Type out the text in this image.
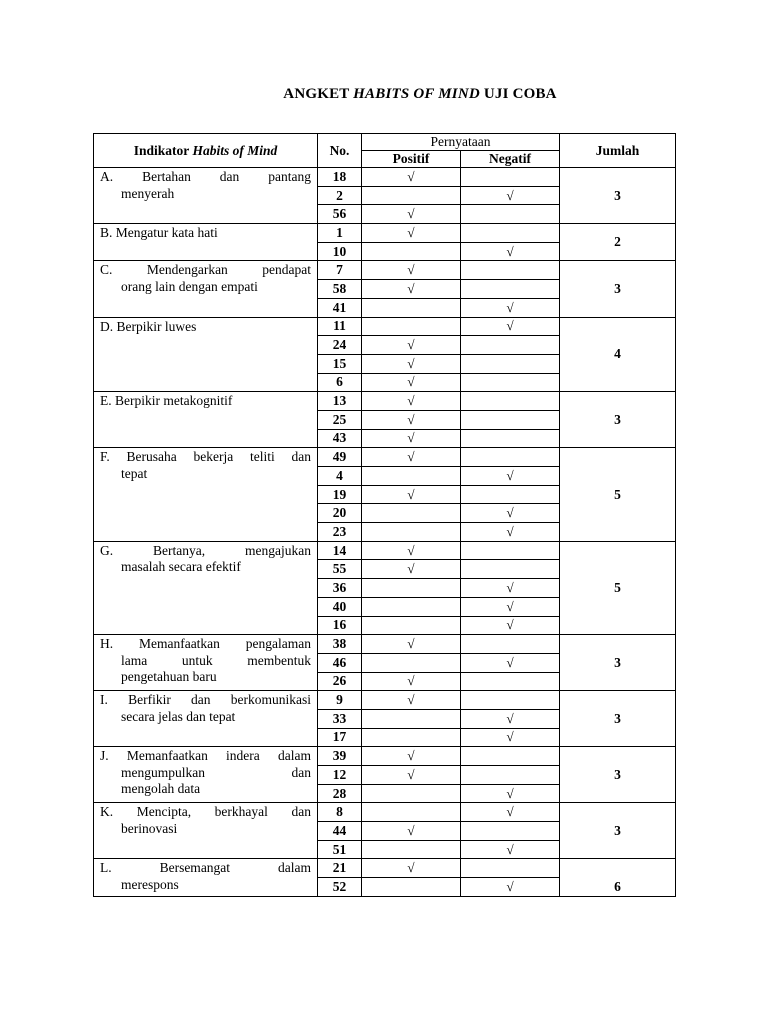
ANGKET HABITS OF MIND UJI COBA
Indikator Habits of Mind	No.	Pernyataan		Jumlah
		Positif	Negatif	

A. Bertahan dan pantang
menyerah	18	√		3
	2		√	
	56	√		

B. Mengatur kata hati	1	√		2
	10		√	

C. Mendengarkan pendapat
orang lain dengan empati	7	√		3
	58	√		
	41		√	

D. Berpikir luwes	11		√	4
	24	√		
	15	√		
	6	√		

E. Berpikir metakognitif	13	√		3
	25	√		
	43	√		

F. Berusaha bekerja teliti dan
tepat	49	√		5
	4		√	
	19	√		
	20		√	
	23		√	

G. Bertanya, mengajukan
masalah secara efektif	14	√		5
	55	√		
	36		√	
	40		√	
	16		√	

H. Memanfaatkan pengalaman
lama untuk membentuk
pengetahuan baru	38	√		3
	46		√	
	26	√		

I. Berfikir dan berkomunikasi
secara jelas dan tepat	9	√		3
	33		√	
	17		√	

J. Memanfaatkan indera dalam
mengumpulkan dan
mengolah data	39	√		3
	12	√		
	28		√	

K. Mencipta, berkhayal dan
berinovasi	8		√	3
	44	√		
	51		√	

L. Bersemangat dalam
merespons	21	√		6
	52		√	
